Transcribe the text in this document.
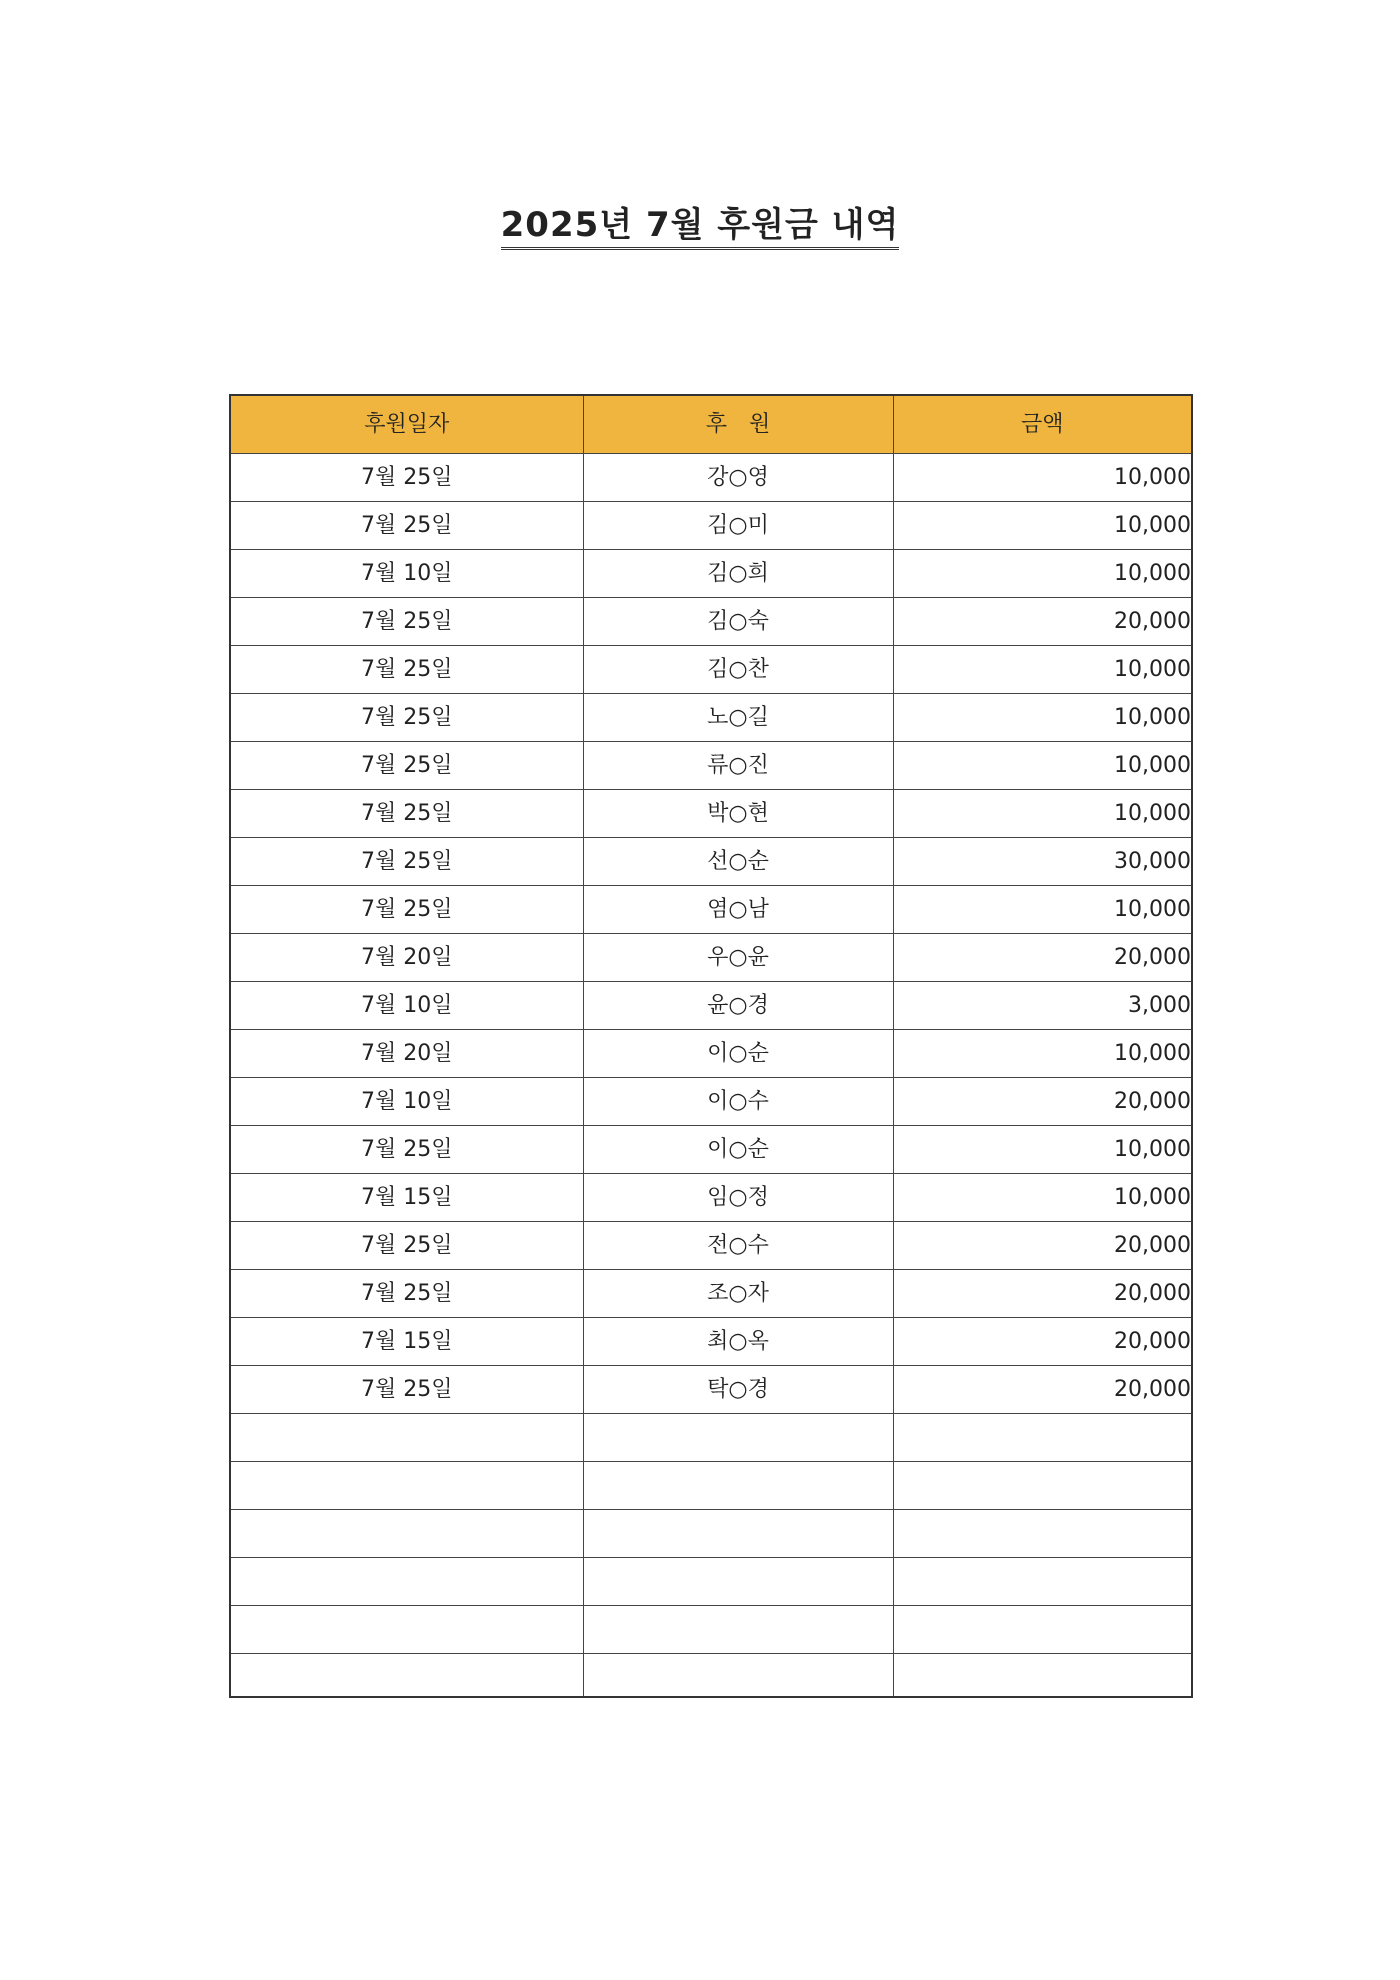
2025년 7월 후원금 내역
후원일자	후　원	금액
7월 25일	강○영	10,000
7월 25일	김○미	10,000
7월 10일	김○희	10,000
7월 25일	김○숙	20,000
7월 25일	김○찬	10,000
7월 25일	노○길	10,000
7월 25일	류○진	10,000
7월 25일	박○현	10,000
7월 25일	선○순	30,000
7월 25일	염○남	10,000
7월 20일	우○윤	20,000
7월 10일	윤○경	3,000
7월 20일	이○순	10,000
7월 10일	이○수	20,000
7월 25일	이○순	10,000
7월 15일	임○정	10,000
7월 25일	전○수	20,000
7월 25일	조○자	20,000
7월 15일	최○옥	20,000
7월 25일	탁○경	20,000
